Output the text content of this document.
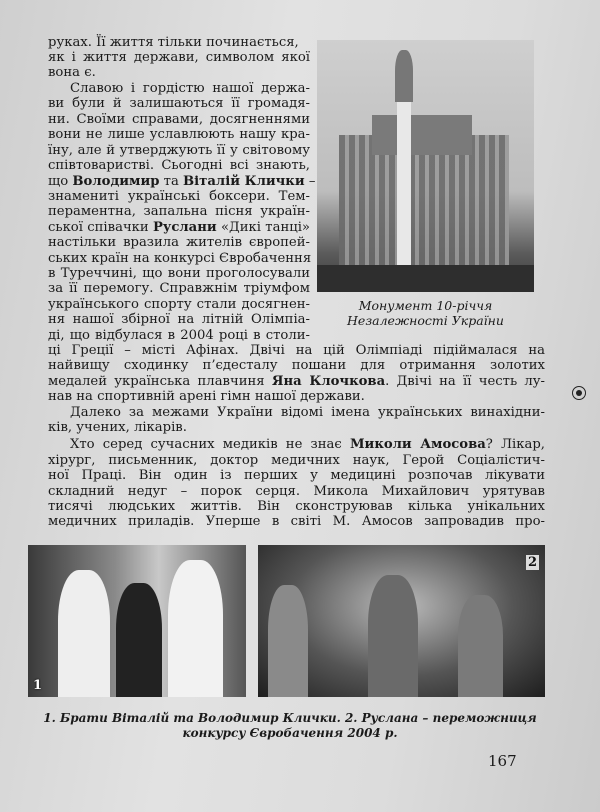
руках. Її життя тільки починається,
як і життя держави, символом якої
вона є.
Славою і гордістю нашої держа-
ви були й залишаються її громадя-
ни. Своїми справами, досягненнями
вони не лише уславлюють нашу кра-
їну, але й утверджують її у світовому
співтоваристві. Сьогодні всі знають,
що Володимир та Віталій Клички –
знамениті українські боксери. Тем-
пераментна, запальна пісня україн-
ської співачки Руслани «Дикі танці»
настільки вразила жителів європей-
ських країн на конкурсі Євробачення
в Туреччині, що вони проголосували
за її перемогу. Справжнім тріумфом
українського спорту стали досягнен-
ня нашої збірної на літній Олімпіа-
ді, що відбулася в 2004 році в столи-
ці Греції – місті Афінах. Двічі на цій Олімпіаді підіймалася на
найвищу сходинку п’єдесталу пошани для отримання золотих
медалей українська плавчиня Яна Клочкова. Двічі на її честь лу-
нав на спортивній арені гімн нашої держави.
Далеко за межами України відомі імена українських винахідни-
ків, учених, лікарів.
Хто серед сучасних медиків не знає Миколи Амосова? Лікар,
хірург, письменник, доктор медичних наук, Герой Соціалістич-
ної Праці. Він один із перших у медицині розпочав лікувати
складний недуг – порок серця. Микола Михайлович урятував
тисячі людських життів. Він сконструював кілька унікальних
медичних приладів. Уперше в світі М. Амосов запровадив про-
Монумент 10-річчя
Незалежності України
1
2
1. Брати Віталій та Володимир Клички. 2. Руслана – переможниця
конкурсу Євробачення 2004 р.
167
